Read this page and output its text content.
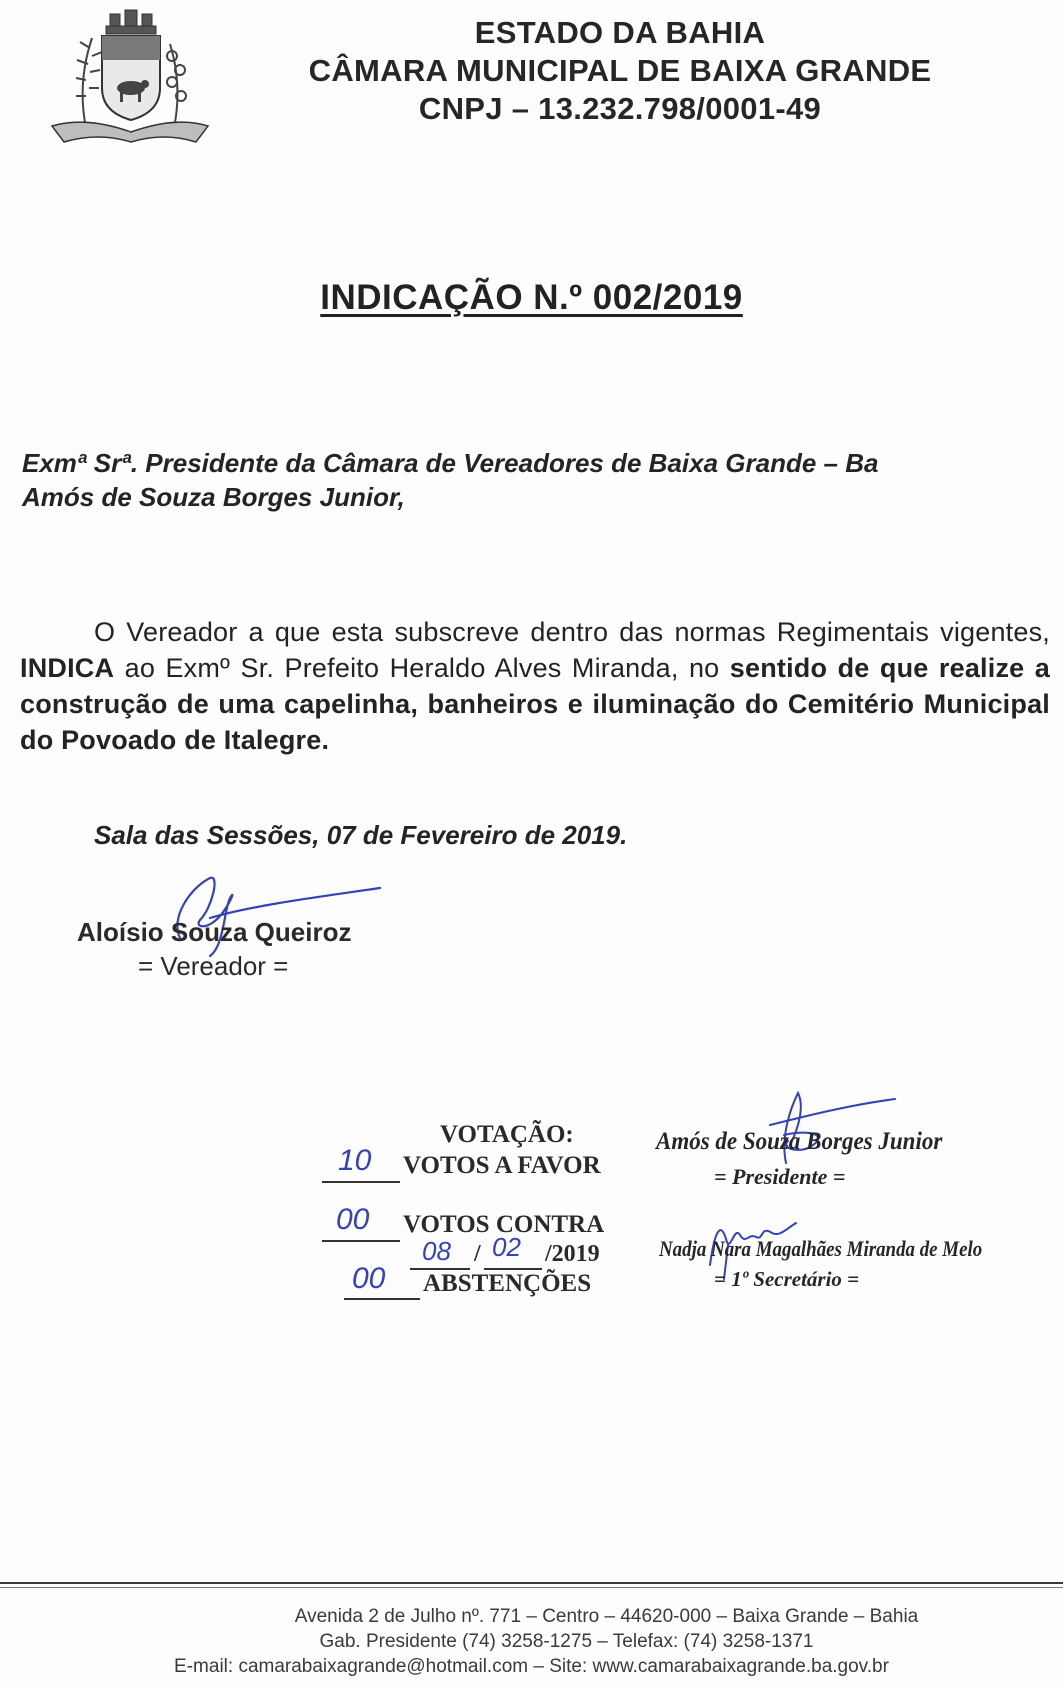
ESTADO DA BAHIA
CÂMARA MUNICIPAL DE BAIXA GRANDE
CNPJ – 13.232.798/0001-49
INDICAÇÃO N.º 002/2019
Exmª Srª. Presidente da Câmara de Vereadores de Baixa Grande – Ba
Amós de Souza Borges Junior,
O Vereador a que esta subscreve dentro das normas Regimentais vigentes, INDICA ao Exmº Sr. Prefeito Heraldo Alves Miranda, no sentido de que realize a construção de uma capelinha, banheiros e iluminação do Cemitério Municipal do Povoado de Italegre.
Sala das Sessões, 07 de Fevereiro de 2019.
Aloísio Souza Queiroz
= Vereador =
VOTAÇÃO:
10 VOTOS A FAVOR
00 VOTOS CONTRA
08 / 02 /2019
00 ABSTENÇÕES
Amós de Souza Borges Junior
= Presidente =
Nadja Nara Magalhães Miranda de Melo
= 1º Secretário =
Avenida 2 de Julho nº. 771 – Centro – 44620-000 – Baixa Grande – Bahia
Gab. Presidente (74) 3258-1275 – Telefax: (74) 3258-1371
E-mail: camarabaixagrande@hotmail.com – Site: www.camarabaixagrande.ba.gov.br
